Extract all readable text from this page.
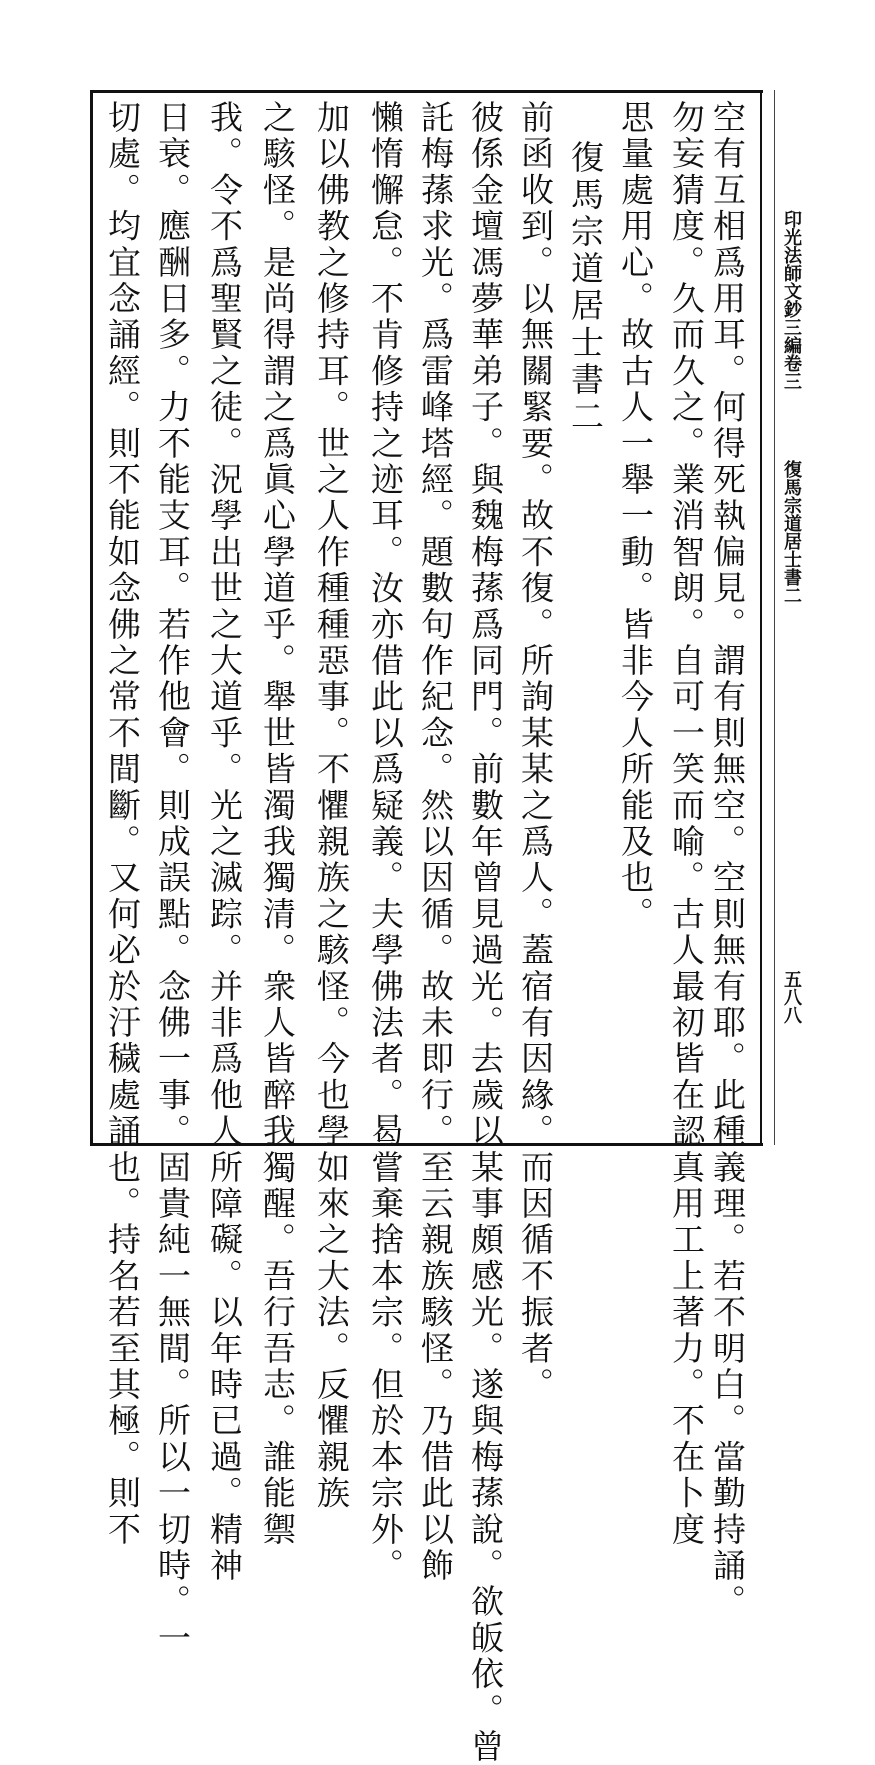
印光法師文鈔三編卷三
復馬宗道居士書二
五八八
空有互相爲用耳。何得死執偏見。謂有則無空。空則無有耶。此種義理。若不明白。當勤持誦。
勿妄猜度。久而久之。業消智朗。自可一笑而喻。古人最初皆在認真用工上著力。不在卜度
思量處用心。故古人一舉一動。皆非今人所能及也。
復馬宗道居士書二
前函收到。以無關緊要。故不復。所詢某某之爲人。蓋宿有因緣。而因循不振者。
彼係金壇馮夢華弟子。與魏梅蓀爲同門。前數年曾見過光。去歲以某事頗感光。遂與梅蓀說。欲皈依。曾
託梅蓀求光。爲雷峰塔經。題數句作紀念。然以因循。故未即行。至云親族駭怪。乃借此以飾
懶惰懈怠。不肯修持之迹耳。汝亦借此以爲疑義。夫學佛法者。曷嘗棄捨本宗。但於本宗外。
加以佛教之修持耳。世之人作種種惡事。不懼親族之駭怪。今也學如來之大法。反懼親族
之駭怪。是尚得謂之爲眞心學道乎。舉世皆濁我獨清。衆人皆醉我獨醒。吾行吾志。誰能禦
我。令不爲聖賢之徒。況學出世之大道乎。光之滅踪。并非爲他人所障礙。以年時已過。精神
日衰。應酬日多。力不能支耳。若作他會。則成誤點。念佛一事。固貴純一無間。所以一切時。一
切處。均宜念誦經。則不能如念佛之常不間斷。又何必於汙穢處誦也。持名若至其極。則不
